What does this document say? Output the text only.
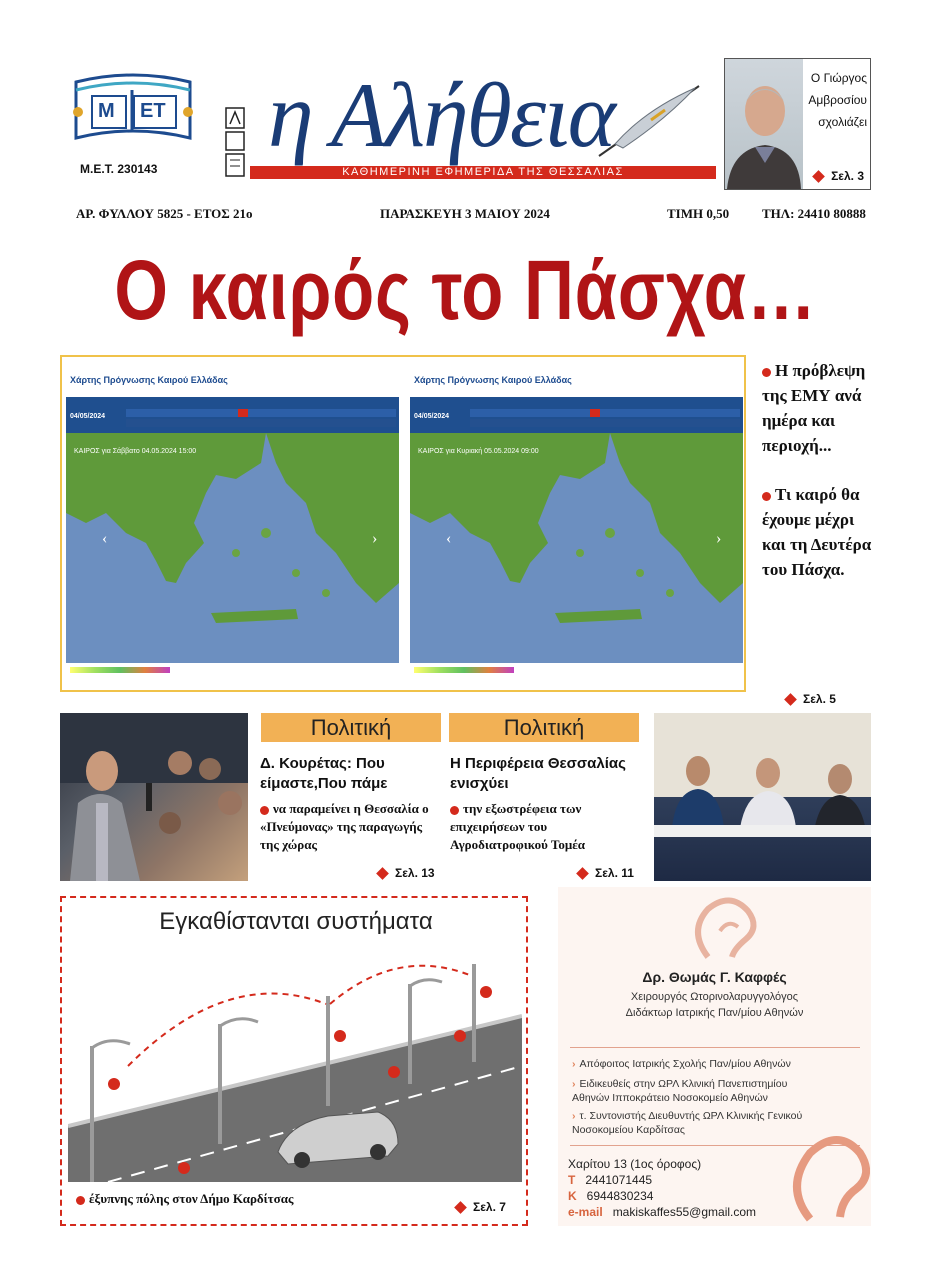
Μ ΕΤ
Μ.Ε.Τ. 230143
η Αλήθεια
ΚΑΘΗΜΕΡΙΝΗ ΕΦΗΜΕΡΙΔΑ ΤΗΣ ΘΕΣΣΑΛΙΑΣ
Ο Γιώργος
Αμβροσίου
σχολιάζει
Σελ. 3
ΑΡ. ΦΥΛΛΟΥ 5825 - ΕΤΟΣ 21ο	ΠΑΡΑΣΚΕΥΗ 3 ΜΑΙΟΥ 2024	ΤΙΜΗ 0,50	ΤΗΛ: 24410 80888
Ο καιρός το Πάσχα…
Χάρτης Πρόγνωσης Καιρού Ελλάδας
04/05/2024
ΚΑΙΡΟΣ για Σάββατο 04.05.2024 15:00
‹	›
Χάρτης Πρόγνωσης Καιρού Ελλάδας
04/05/2024
ΚΑΙΡΟΣ για Κυριακή 05.05.2024 09:00
‹	›
Η πρόβλεψη της ΕΜΥ ανά ημέρα και περιοχή...
Τι καιρό θα έχουμε μέχρι και τη Δευτέρα του Πάσχα.
Σελ. 5
Πολιτική
Δ. Κουρέτας: Που είμαστε,Που πάμε
να παραμείνει η Θεσσαλία ο «Πνεύμονας» της παραγωγής της χώρας
Σελ. 13
Πολιτική
Η Περιφέρεια Θεσσαλίας ενισχύει
την εξωστρέφεια των επιχειρήσεων του Αγροδιατροφικού Τομέα
Σελ. 11
Εγκαθίστανται συστήματα
έξυπνης πόλης στον Δήμο Καρδίτσας
Σελ. 7
Δρ. Θωμάς Γ. Καφφές
Χειρουργός Ωτορινολαρυγγολόγος
Διδάκτωρ Ιατρικής Παν/μίου Αθηνών
› Απόφοιτος Ιατρικής Σχολής Παν/μίου Αθηνών
› Ειδικευθείς στην ΩΡΛ Κλινική Πανεπιστημίου Αθηνών Ιπποκράτειο Νοσοκομείο Αθηνών
› τ. Συντονιστής Διευθυντής ΩΡΛ Κλινικής Γενικού Νοσοκομείου Καρδίτσας
Χαρίτου 13 (1ος όροφος)
Τ 2441071445
Κ 6944830234
e-mail makiskaffes55@gmail.com
